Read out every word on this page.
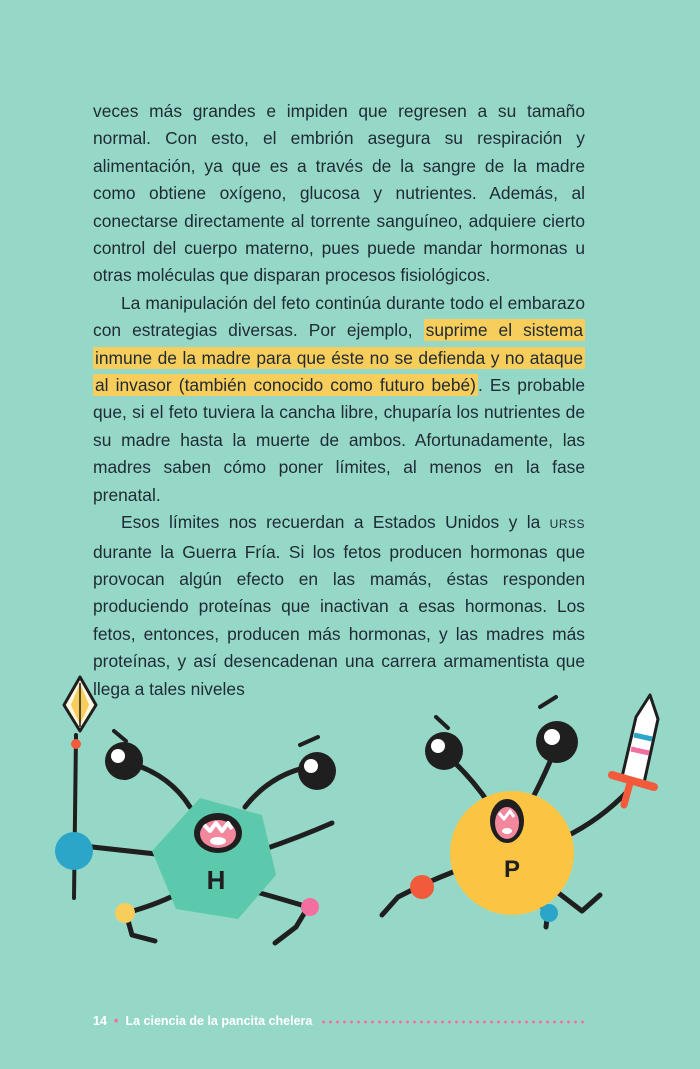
veces más grandes e impiden que regresen a su tamaño normal. Con esto, el embrión asegura su respiración y alimentación, ya que es a través de la sangre de la madre como obtiene oxígeno, glucosa y nutrientes. Además, al conectarse directamente al torrente sanguíneo, adquiere cierto control del cuerpo materno, pues puede mandar hormonas u otras moléculas que disparan procesos fisiológicos.

La manipulación del feto continúa durante todo el embarazo con estrategias diversas. Por ejemplo, suprime el sistema inmune de la madre para que éste no se defienda y no ataque al invasor (también conocido como futuro bebé) . Es probable que, si el feto tuviera la cancha libre, chuparía los nutrientes de su madre hasta la muerte de ambos. Afortunadamente, las madres saben cómo poner límites, al menos en la fase prenatal.

Esos límites nos recuerdan a Estados Unidos y la URSS durante la Guerra Fría. Si los fetos producen hormonas que provocan algún efecto en las mamás, éstas responden produciendo proteínas que inactivan a esas hormonas. Los fetos, entonces, producen más hormonas, y las madres más proteínas, y así desencadenan una carrera armamentista que llega a tales niveles

H	P
14 • La ciencia de la pancita chelera
